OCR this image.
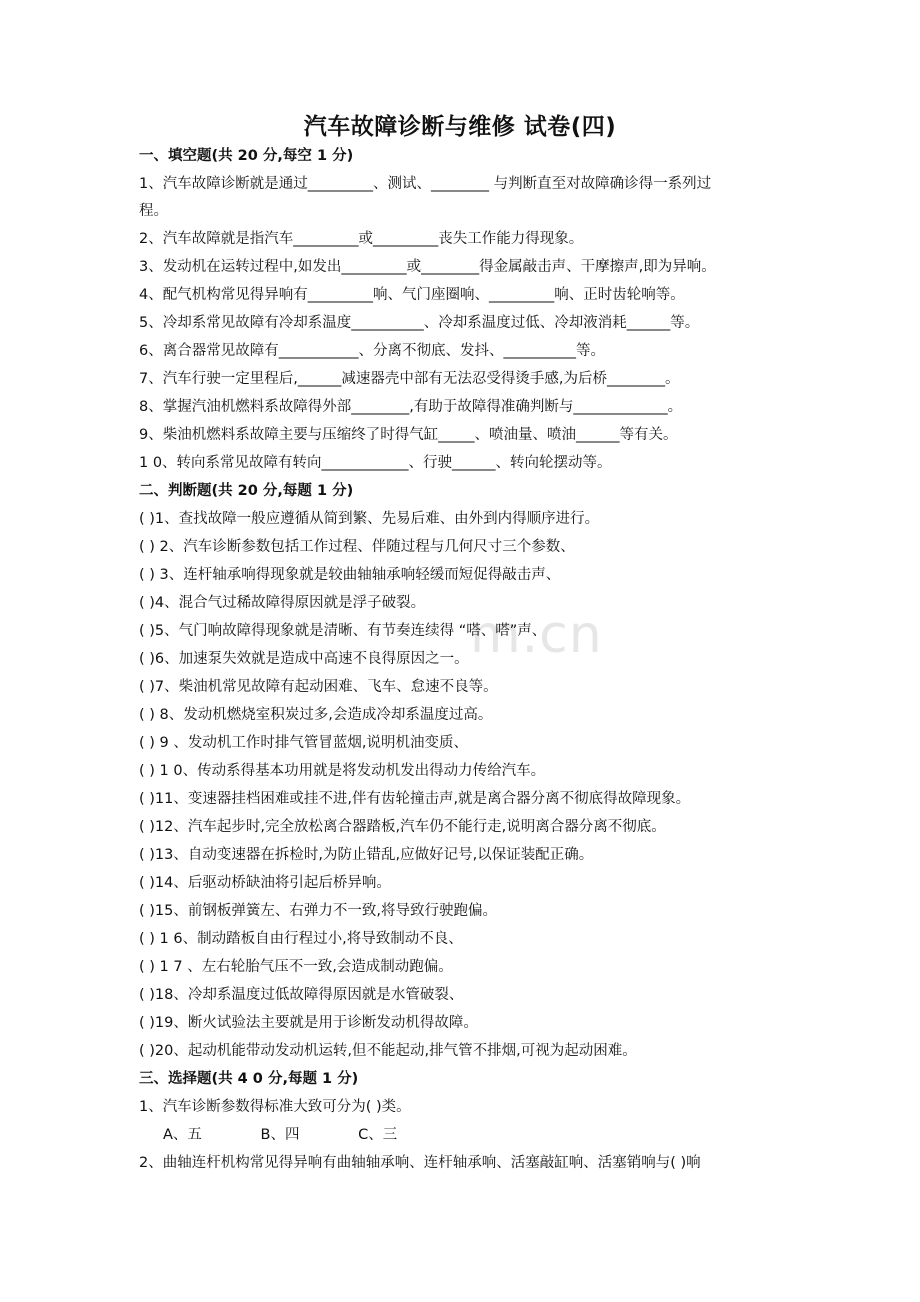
m.cn
汽车故障诊断与维修 试卷(四)
一、填空题(共 20 分,每空 1 分)
1、汽车故障诊断就是通过_________、测试、________ 与判断直至对故障确诊得一系列过
程。
2、汽车故障就是指汽车_________或_________丧失工作能力得现象。
3、发动机在运转过程中,如发出_________或________得金属敲击声、干摩擦声,即为异响。
4、配气机构常见得异响有_________响、气门座圈响、_________响、正时齿轮响等。
5、冷却系常见故障有冷却系温度__________、冷却系温度过低、冷却液消耗______等。
6、离合器常见故障有___________、分离不彻底、发抖、__________等。
7、汽车行驶一定里程后,______减速器壳中部有无法忍受得烫手感,为后桥________。
8、掌握汽油机燃料系故障得外部________,有助于故障得准确判断与_____________。
9、柴油机燃料系故障主要与压缩终了时得气缸_____、喷油量、喷油______等有关。
1 0、转向系常见故障有转向____________、行驶______、转向轮摆动等。
二、判断题(共 20 分,每题 1 分)
( )1、查找故障一般应遵循从简到繁、先易后难、由外到内得顺序进行。
( ) 2、汽车诊断参数包括工作过程、伴随过程与几何尺寸三个参数、
( ) 3、连杆轴承响得现象就是较曲轴轴承响轻缓而短促得敲击声、
( )4、混合气过稀故障得原因就是浮子破裂。
( )5、气门响故障得现象就是清晰、有节奏连续得 “嗒、嗒”声、
( )6、加速泵失效就是造成中高速不良得原因之一。
( )7、柴油机常见故障有起动困难、飞车、怠速不良等。
( ) 8、发动机燃烧室积炭过多,会造成冷却系温度过高。
( ) 9 、发动机工作时排气管冒蓝烟,说明机油变质、
( ) 1 0、传动系得基本功用就是将发动机发出得动力传给汽车。
( )11、变速器挂档困难或挂不进,伴有齿轮撞击声,就是离合器分离不彻底得故障现象。
( )12、汽车起步时,完全放松离合器踏板,汽车仍不能行走,说明离合器分离不彻底。
( )13、自动变速器在拆检时,为防止错乱,应做好记号,以保证装配正确。
( )14、后驱动桥缺油将引起后桥异响。
( )15、前钢板弹簧左、右弹力不一致,将导致行驶跑偏。
( ) 1 6、制动踏板自由行程过小,将导致制动不良、
( ) 1 7 、左右轮胎气压不一致,会造成制动跑偏。
( )18、冷却系温度过低故障得原因就是水管破裂、
( )19、断火试验法主要就是用于诊断发动机得故障。
( )20、起动机能带动发动机运转,但不能起动,排气管不排烟,可视为起动困难。
三、选择题(共 4 0 分,每题 1 分)
1、汽车诊断参数得标准大致可分为( )类。
A、五	B、四	C、三
2、曲轴连杆机构常见得异响有曲轴轴承响、连杆轴承响、活塞敲缸响、活塞销响与( )响
